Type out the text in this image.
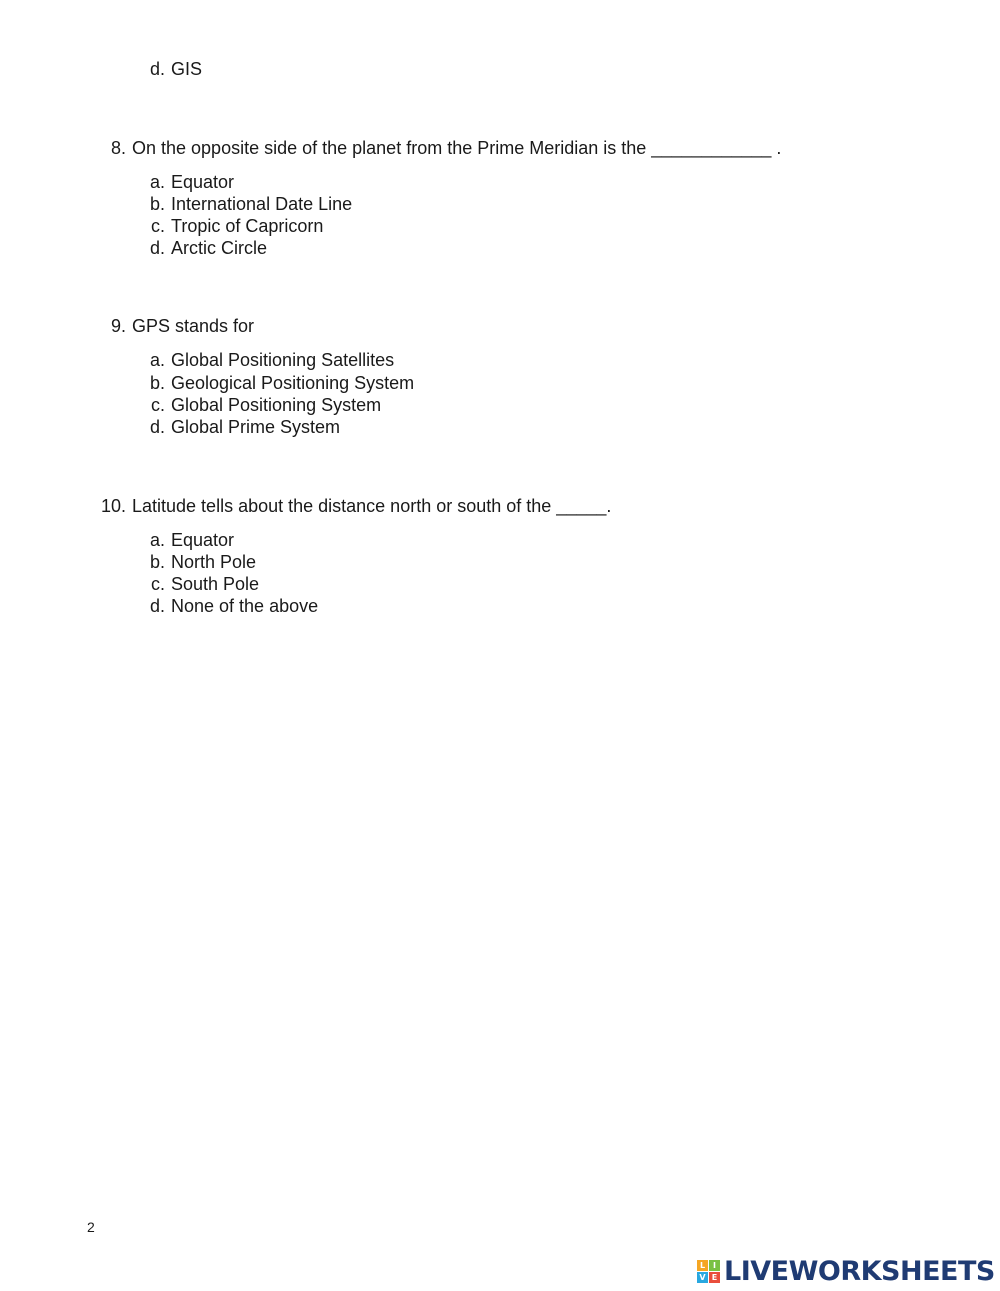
d. GIS
8. On the opposite side of the planet from the Prime Meridian is the ____________ .
a. Equator
b. International Date Line
c. Tropic of Capricorn
d. Arctic Circle
9. GPS stands for
a. Global Positioning Satellites
b. Geological Positioning System
c. Global Positioning System
d. Global Prime System
10. Latitude tells about the distance north or south of the _____.
a. Equator
b. North Pole
c. South Pole
d. None of the above
2
L I
V E LIVEWORKSHEETS
